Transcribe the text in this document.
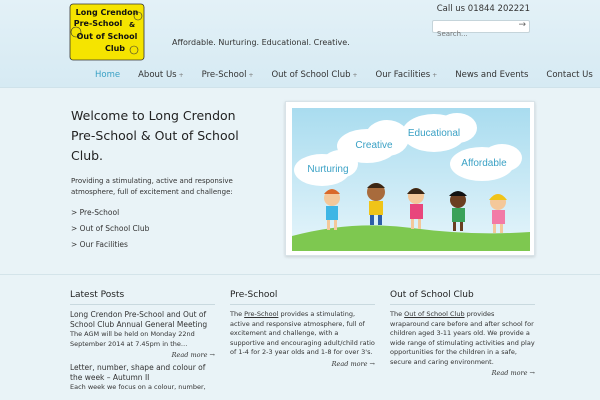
Long Crendon
Pre-School &
Out of School
Club
Affordable. Nurturing. Educational. Creative.
Call us 01844 202221
Search...
→
Home	About Us +	Pre-School +	Out of School Club +	Our Facilities +	News and Events	Contact Us
Welcome to Long Crendon Pre-School & Out of School Club.

Providing a stimulating, active and responsive atmosphere, full of excitement and challenge:

> Pre-School
> Out of School Club
> Our Facilities
Creative
Educational
Nurturing
Affordable
Latest Posts
Long Crendon Pre-School and Out of School Club Annual General Meeting

The AGM will be held on Monday 22nd September 2014 at 7.45pm in the…

Read more →
Letter, number, shape and colour of the week – Autumn II

Each week we focus on a colour, number,

Pre-School

The Pre-School provides a stimulating, active and responsive atmosphere, full of excitement and challenge, with a supportive and encouraging adult/child ratio of 1-4 for 2-3 year olds and 1-8 for over 3's.

Read more →
Out of School Club

The Out of School Club provides wraparound care before and after school for children aged 3-11 years old. We provide a wide range of stimulating activities and play opportunities for the children in a safe, secure and caring environment.

Read more →
